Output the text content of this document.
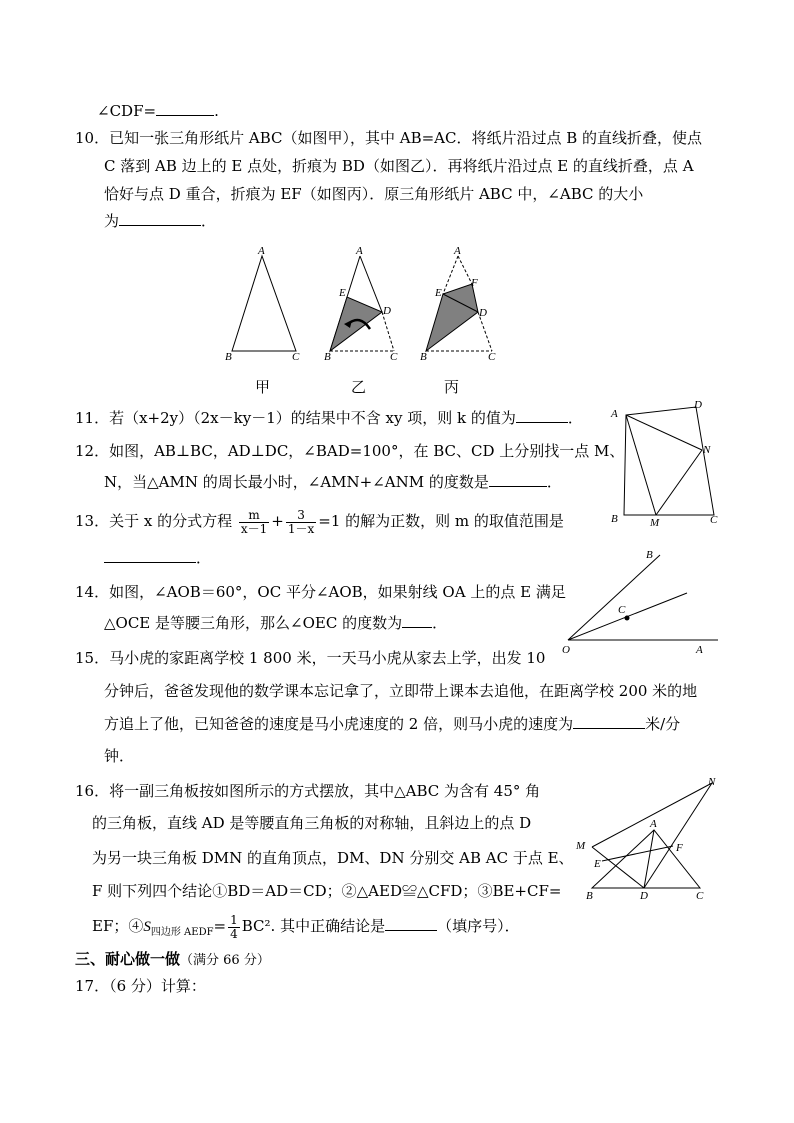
∠CDF=	.
10．已知一张三角形纸片 ABC（如图甲），其中 AB=AC．将纸片沿过点 B 的直线折叠，使点
C 落到 AB 边上的 E 点处，折痕为 BD（如图乙）．再将纸片沿过点 E 的直线折叠，点 A
恰好与点 D 重合，折痕为 EF（如图丙）．原三角形纸片 ABC 中，∠ABC 的大小
为	．
A
B	C
A
E
D
B	C
A
E
F
D
B	C
甲	乙	丙
11．若（x+2y）（2x－ky－1）的结果中不含 xy 项，则 k 的值为	．	A
D
N
B	M	C
12．如图，AB⊥BC，AD⊥DC，∠BAD=100°，在 BC、CD 上分别找一点 M、
N，当△AMN 的周长最小时，∠AMN+∠ANM 的度数是	．
13．关于 x 的分式方程 $\frac{m}{x-1} + \frac{3}{1-x} =1$ 的解为正数，则 m 的取值范围是
．	B
C
O	A
14．如图，∠AOB＝60°，OC 平分∠AOB，如果射线 OA 上的点 E 满足
△OCE 是等腰三角形，那么∠OEC 的度数为 ．
15．马小虎的家距离学校 1 800 米，一天马小虎从家去上学，出发 10
分钟后，爸爸发现他的数学课本忘记拿了，立即带上课本去追他，在距离学校 200 米的地
方追上了他，已知爸爸的速度是马小虎速度的 2 倍，则马小虎的速度为	米/分
钟．
N
M
A
F
E
B	D	C
16．将一副三角板按如图所示的方式摆放，其中△ABC 为含有 45° 角
的三角板，直线 AD 是等腰直角三角板的对称轴，且斜边上的点 D
为另一块三角板 DMN 的直角顶点，DM、DN 分别交 AB AC 于点 E、
F 则下列四个结论①BD＝AD＝CD；②△AED≌△CFD；③BE+CF=
EF；$④S_{四边形 AEDF}= \frac{1}{4} BC^2$. 其中正确结论是	（填序号）．
三、耐心做一做（满分 66 分）
17．（6 分）计算：
